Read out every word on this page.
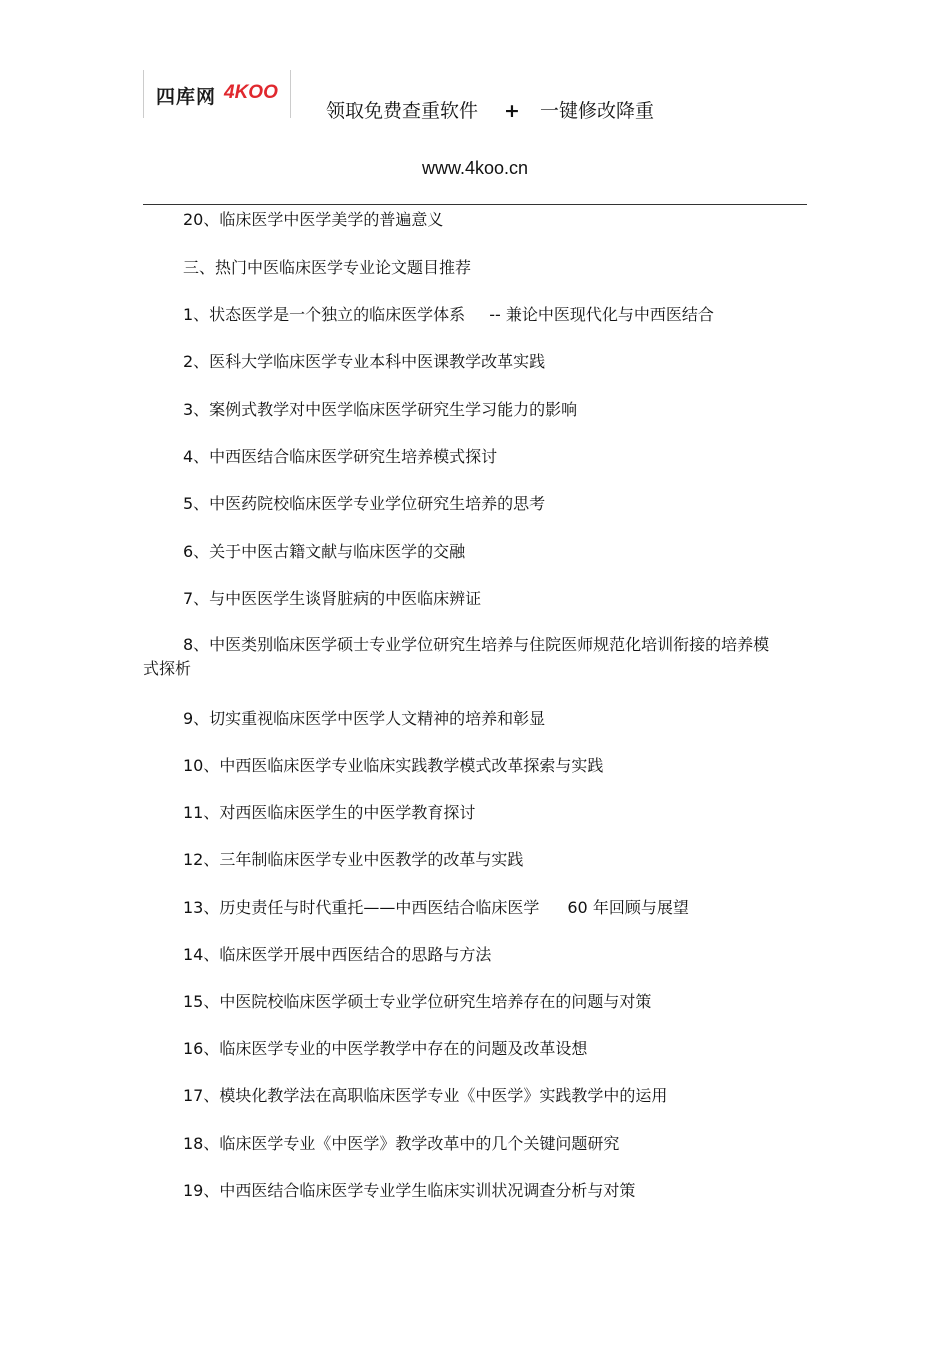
四库网 4KOO
领取免费查重软件 + 一键修改降重
www.4koo.cn
20、临床医学中医学美学的普遍意义
三、热门中医临床医学专业论文题目推荐
1、状态医学是一个独立的临床医学体系 -- 兼论中医现代化与中西医结合
2、医科大学临床医学专业本科中医课教学改革实践
3、案例式教学对中医学临床医学研究生学习能力的影响
4、中西医结合临床医学研究生培养模式探讨
5、中医药院校临床医学专业学位研究生培养的思考
6、关于中医古籍文献与临床医学的交融
7、与中医医学生谈肾脏病的中医临床辨证
8、中医类别临床医学硕士专业学位研究生培养与住院医师规范化培训衔接的培养模式探析
9、切实重视临床医学中医学人文精神的培养和彰显
10、中西医临床医学专业临床实践教学模式改革探索与实践
11、对西医临床医学生的中医学教育探讨
12、三年制临床医学专业中医教学的改革与实践
13、历史责任与时代重托——中西医结合临床医学 60 年回顾与展望
14、临床医学开展中西医结合的思路与方法
15、中医院校临床医学硕士专业学位研究生培养存在的问题与对策
16、临床医学专业的中医学教学中存在的问题及改革设想
17、模块化教学法在高职临床医学专业《中医学》实践教学中的运用
18、临床医学专业《中医学》教学改革中的几个关键问题研究
19、中西医结合临床医学专业学生临床实训状况调查分析与对策
